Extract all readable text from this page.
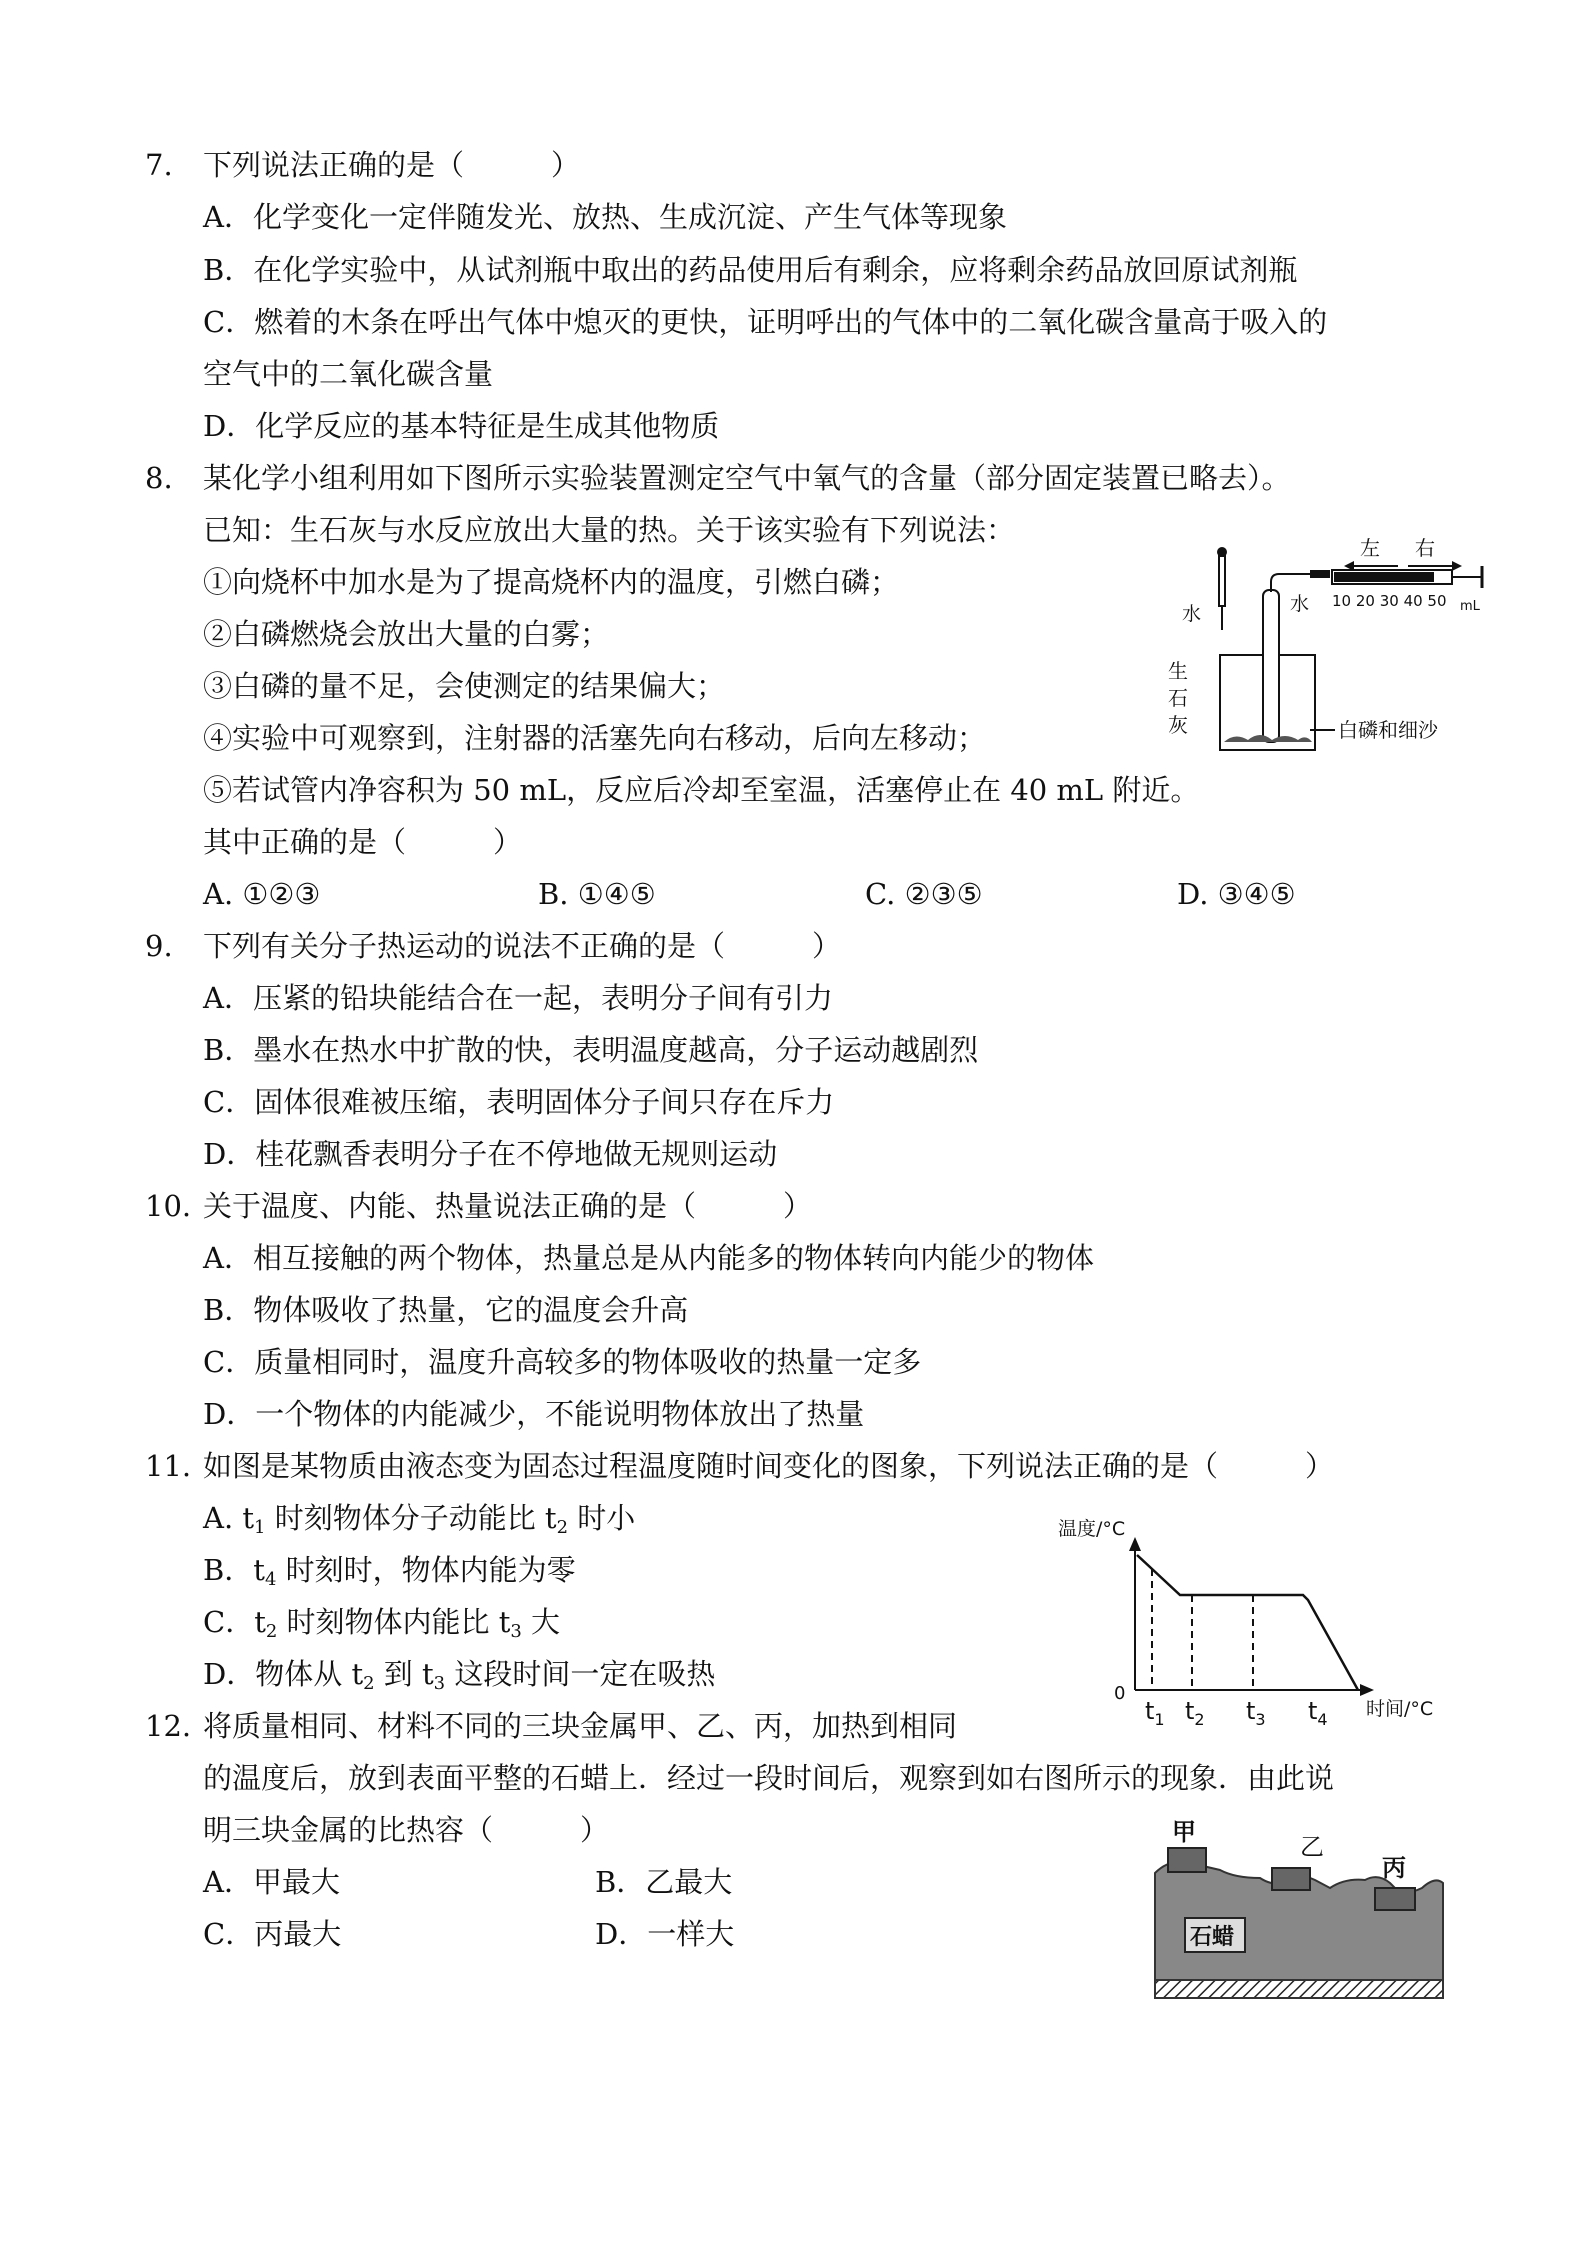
7. 下列说法正确的是（　　　）
A．化学变化一定伴随发光、放热、生成沉淀、产生气体等现象
B．在化学实验中，从试剂瓶中取出的药品使用后有剩余，应将剩余药品放回原试剂瓶
C．燃着的木条在呼出气体中熄灭的更快，证明呼出的气体中的二氧化碳含量高于吸入的
空气中的二氧化碳含量
D．化学反应的基本特征是生成其他物质
8. 某化学小组利用如下图所示实验装置测定空气中氧气的含量（部分固定装置已略去）。
已知：生石灰与水反应放出大量的热。关于该实验有下列说法：
①向烧杯中加水是为了提高烧杯内的温度，引燃白磷；
②白磷燃烧会放出大量的白雾；
③白磷的量不足，会使测定的结果偏大；
④实验中可观察到，注射器的活塞先向右移动，后向左移动；
⑤若试管内净容积为 50 mL，反应后冷却至室温，活塞停止在 40 mL 附近。
其中正确的是（　　　）
A. ①②③	B. ①④⑤	C. ②③⑤	D. ③④⑤
左 右
水	水 10 20 30 40 50 mL
生
石
灰	白磷和细沙
9. 下列有关分子热运动的说法不正确的是（　　　）
A．压紧的铅块能结合在一起，表明分子间有引力
B．墨水在热水中扩散的快，表明温度越高，分子运动越剧烈
C．固体很难被压缩，表明固体分子间只存在斥力
D．桂花飘香表明分子在不停地做无规则运动
10. 关于温度、内能、热量说法正确的是（　　　）
A．相互接触的两个物体，热量总是从内能多的物体转向内能少的物体
B．物体吸收了热量，它的温度会升高
C．质量相同时，温度升高较多的物体吸收的热量一定多
D．一个物体的内能减少，不能说明物体放出了热量
11. 如图是某物质由液态变为固态过程温度随时间变化的图象，下列说法正确的是（　　　）
A. $t_1$ 时刻物体分子动能比 $t_2$ 时小
B．$t_4$ 时刻时，物体内能为零
C．$t_2$ 时刻物体内能比 $t_3$ 大
D．物体从 $t_2$ 到 $t_3$ 这段时间一定在吸热
温度/°C
0
时间/°C
$t_1$ $t_2$ $t_3$ $t_4$
12. 将质量相同、材料不同的三块金属甲、乙、丙，加热到相同
的温度后，放到表面平整的石蜡上．经过一段时间后，观察到如右图所示的现象．由此说
明三块金属的比热容（　　　）
A．甲最大	B．乙最大
C．丙最大	D．一样大
甲
乙
丙
石蜡
